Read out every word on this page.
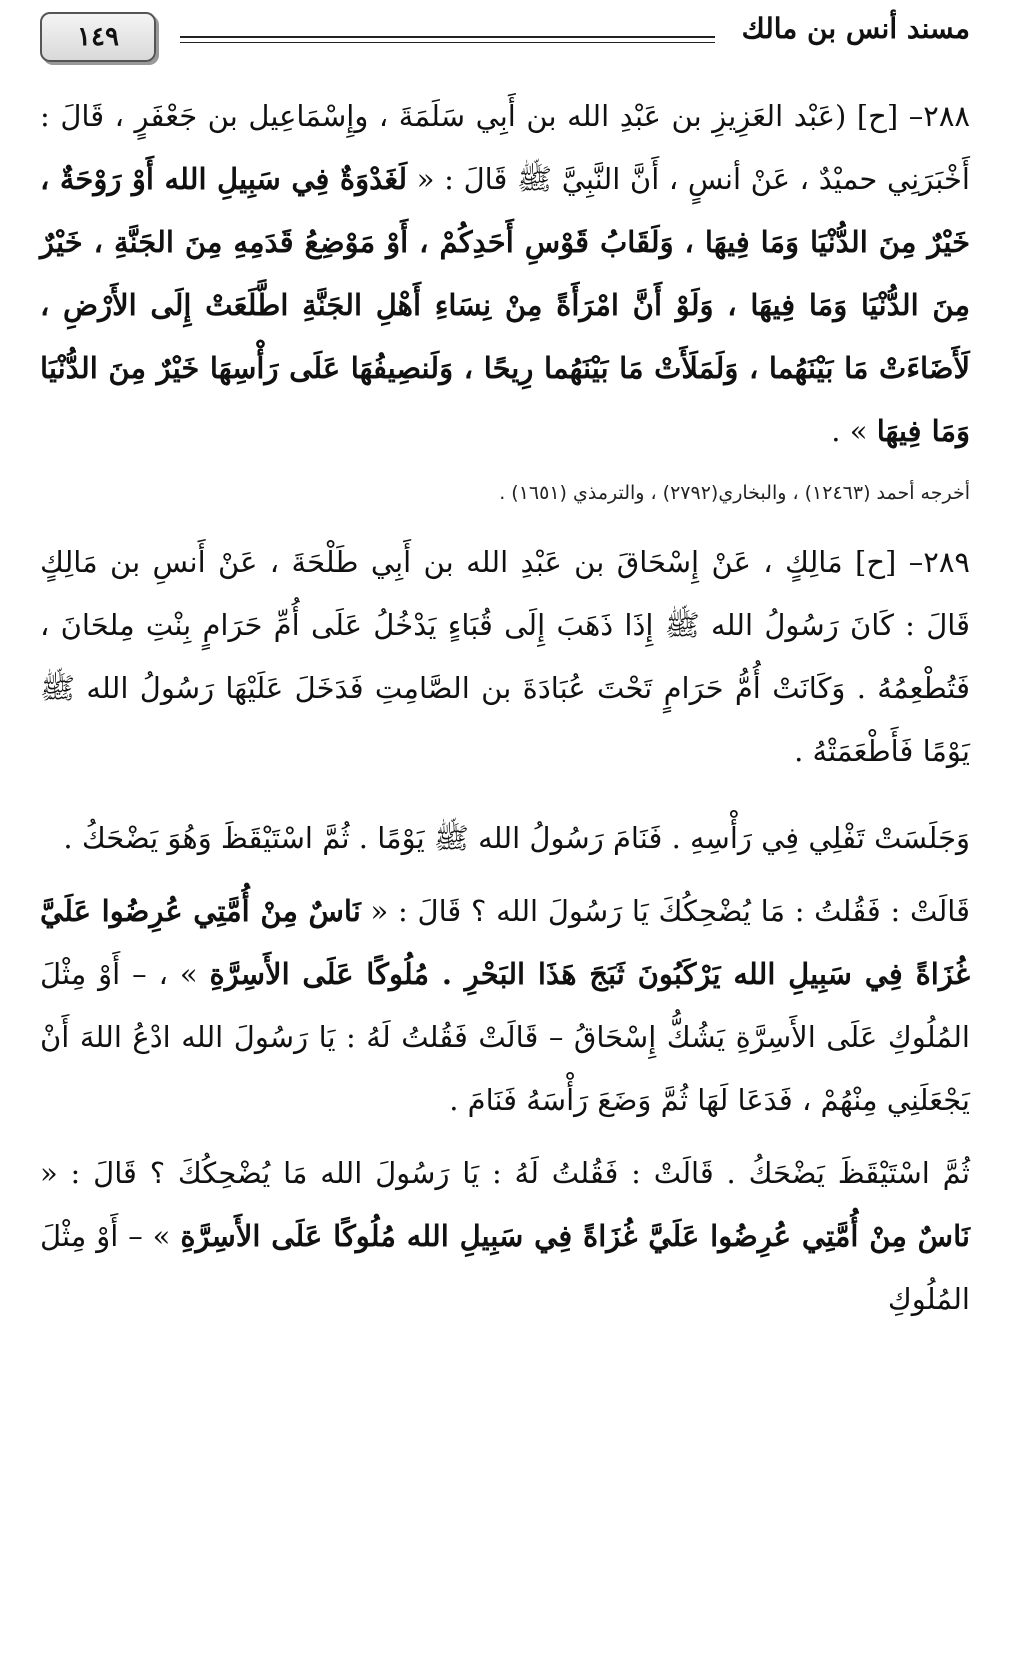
١٤٩	مسند أنس بن مالك

٢٨٨– [ح] (عَبْد العَزِيزِ بن عَبْدِ الله بن أَبِي سَلَمَةَ ، وإِسْمَاعِيل بن جَعْفَرٍ ، قَالَ : أَخْبَرَنِي حميْدٌ ، عَنْ أنسٍ ، أَنَّ النَّبِيَّ ﷺ قَالَ : « لَغَدْوَةٌ فِي سَبِيلِ الله أَوْ رَوْحَةٌ ، خَيْرٌ مِنَ الدُّنْيَا وَمَا فِيهَا ، وَلَقَابُ قَوْسِ أَحَدِكُمْ ، أَوْ مَوْضِعُ قَدَمِهِ مِنَ الجَنَّةِ ، خَيْرٌ مِنَ الدُّنْيَا وَمَا فِيهَا ، وَلَوْ أَنَّ امْرَأَةً مِنْ نِسَاءِ أَهْلِ الجَنَّةِ اطَّلَعَتْ إِلَى الأَرْضِ ، لَأَضَاءَتْ مَا بَيْنَهُما ، وَلَمَلَأَتْ مَا بَيْنَهُما رِيحًا ، وَلَنصِيفُهَا عَلَى رَأْسِهَا خَيْرٌ مِنَ الدُّنْيَا وَمَا فِيهَا » .

أخرجه أحمد (١٢٤٦٣) ، والبخاري(٢٧٩٢) ، والترمذي (١٦٥١) .

٢٨٩– [ح] مَالِكٍ ، عَنْ إِسْحَاقَ بن عَبْدِ الله بن أَبِي طَلْحَةَ ، عَنْ أَنسِ بن مَالِكٍ قَالَ : كَانَ رَسُولُ الله ﷺ إِذَا ذَهَبَ إِلَى قُبَاءٍ يَدْخُلُ عَلَى أُمِّ حَرَامٍ بِنْتِ مِلحَانَ ، فَتُطْعِمُهُ . وَكَانَتْ أُمُّ حَرَامٍ تَحْتَ عُبَادَةَ بن الصَّامِتِ فَدَخَلَ عَلَيْهَا رَسُولُ الله ﷺ يَوْمًا فَأَطْعَمَتْهُ .

وَجَلَسَتْ تَفْلِي فِي رَأْسِهِ . فَنَامَ رَسُولُ الله ﷺ يَوْمًا . ثُمَّ اسْتَيْقَظَ وَهُوَ يَضْحَكُ .

قَالَتْ : فَقُلتُ : مَا يُضْحِكُكَ يَا رَسُولَ الله ؟ قَالَ : « نَاسٌ مِنْ أُمَّتِي عُرِضُوا عَلَيَّ غُزَاةً فِي سَبِيلِ الله يَرْكَبُونَ ثَبَجَ هَذَا البَحْرِ . مُلُوكًا عَلَى الأَسِرَّةِ » ، – أَوْ مِثْلَ المُلُوكِ عَلَى الأَسِرَّةِ يَشُكُّ إِسْحَاقُ – قَالَتْ فَقُلتُ لَهُ : يَا رَسُولَ الله ادْعُ اللهَ أَنْ يَجْعَلَنِي مِنْهُمْ ، فَدَعَا لَهَا ثُمَّ وَضَعَ رَأْسَهُ فَنَامَ .

ثُمَّ اسْتَيْقَظَ يَضْحَكُ . قَالَتْ : فَقُلتُ لَهُ : يَا رَسُولَ الله مَا يُضْحِكُكَ ؟ قَالَ : « نَاسٌ مِنْ أُمَّتِي عُرِضُوا عَلَيَّ غُزَاةً فِي سَبِيلِ الله مُلُوكًا عَلَى الأَسِرَّةِ » – أَوْ مِثْلَ المُلُوكِ
